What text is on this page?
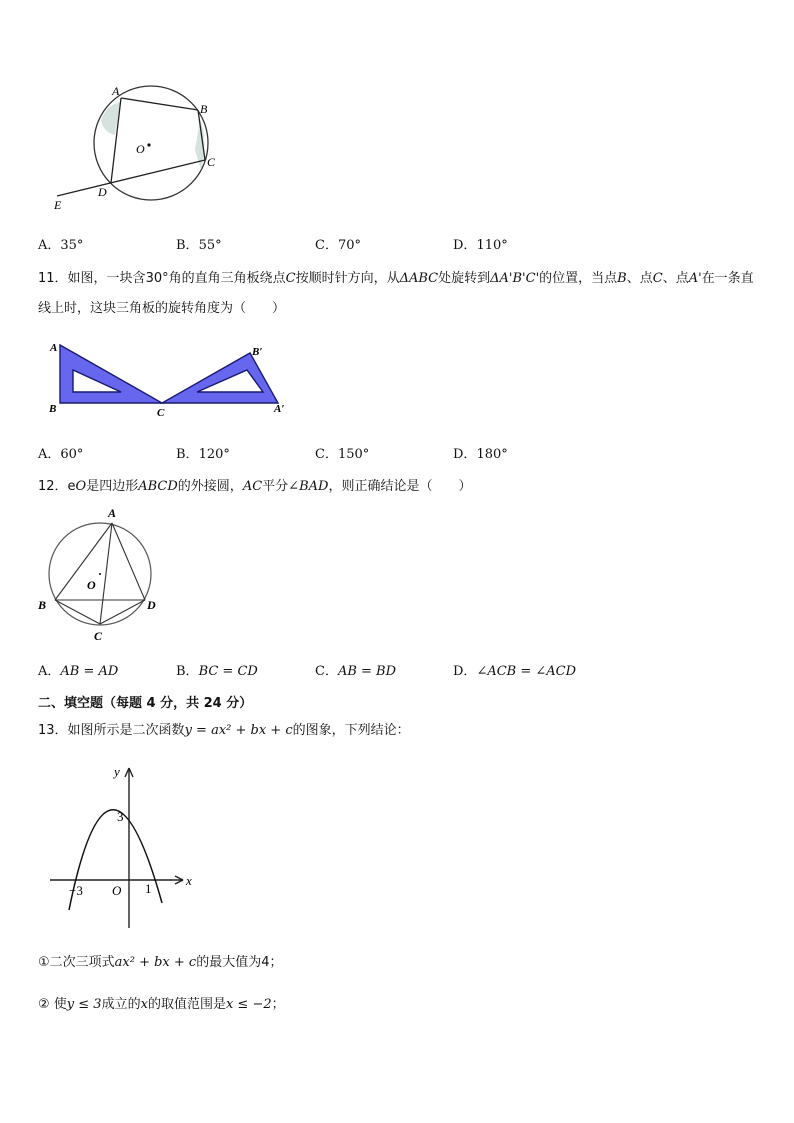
A
B
C
D
E
O
A．35°	B．55°	C．70°	D．110°
11．如图，一块含30°角的直角三角板绕点C按顺时针方向，从ΔABC处旋转到ΔA'B'C'的位置，当点B、点C、点A'在一条直线上时，这块三角板的旋转角度为（　　）
A
B	C
B′
A′
A．60°	B．120°	C．150°	D．180°
12．eO是四边形ABCD的外接圆，AC平分∠BAD，则正确结论是（　　）
A
B
C
D
O
A．AB = AD	B．BC = CD	C．AB = BD	D．∠ACB = ∠ACD
二、填空题（每题 4 分，共 24 分）
13．如图所示是二次函数y = ax² + bx + c的图象，下列结论：
y
x
3
−3 O 1
①二次三项式ax² + bx + c的最大值为4；
② 使y ≤ 3成立的x的取值范围是x ≤ −2；
